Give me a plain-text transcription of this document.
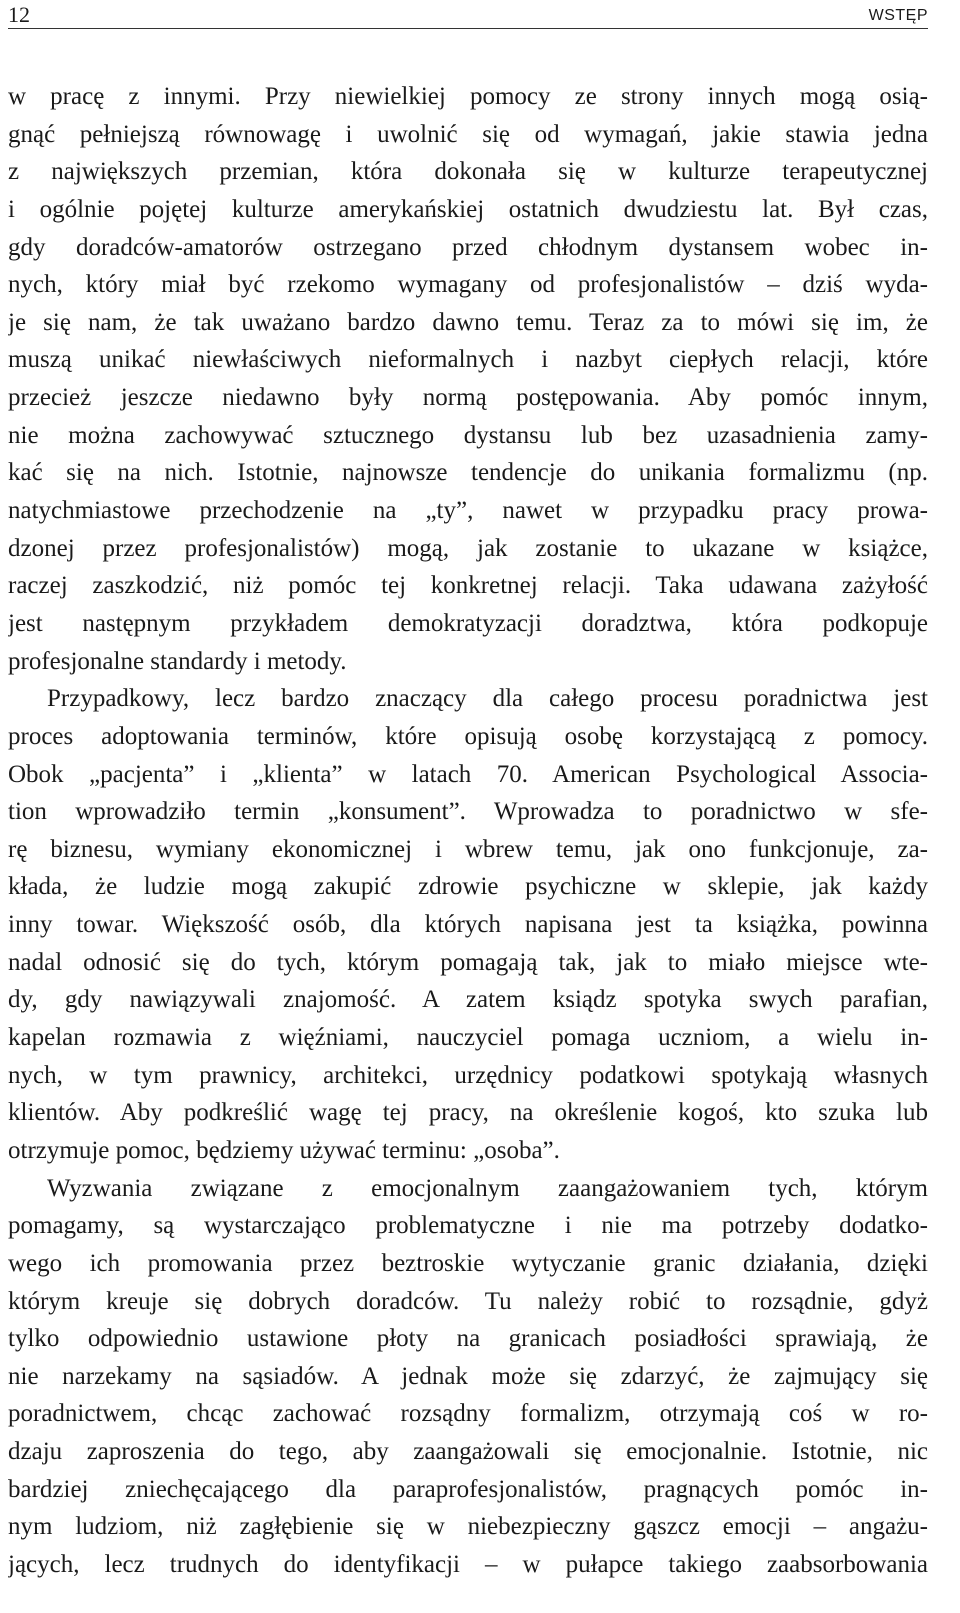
12	WSTĘP
w pracę z innymi. Przy niewielkiej pomocy ze strony innych mogą osią-
gnąć pełniejszą równowagę i uwolnić się od wymagań, jakie stawia jedna
z największych przemian, która dokonała się w kulturze terapeutycznej
i ogólnie pojętej kulturze amerykańskiej ostatnich dwudziestu lat. Był czas,
gdy doradców-amatorów ostrzegano przed chłodnym dystansem wobec in-
nych, który miał być rzekomo wymagany od profesjonalistów – dziś wyda-
je się nam, że tak uważano bardzo dawno temu. Teraz za to mówi się im, że
muszą unikać niewłaściwych nieformalnych i nazbyt ciepłych relacji, które
przecież jeszcze niedawno były normą postępowania. Aby pomóc innym,
nie można zachowywać sztucznego dystansu lub bez uzasadnienia zamy-
kać się na nich. Istotnie, najnowsze tendencje do unikania formalizmu (np.
natychmiastowe przechodzenie na „ty”, nawet w przypadku pracy prowa-
dzonej przez profesjonalistów) mogą, jak zostanie to ukazane w książce,
raczej zaszkodzić, niż pomóc tej konkretnej relacji. Taka udawana zażyłość
jest następnym przykładem demokratyzacji doradztwa, która podkopuje
profesjonalne standardy i metody.
Przypadkowy, lecz bardzo znaczący dla całego procesu poradnictwa jest
proces adoptowania terminów, które opisują osobę korzystającą z pomocy.
Obok „pacjenta” i „klienta” w latach 70. American Psychological Associa-
tion wprowadziło termin „konsument”. Wprowadza to poradnictwo w sfe-
rę biznesu, wymiany ekonomicznej i wbrew temu, jak ono funkcjonuje, za-
kłada, że ludzie mogą zakupić zdrowie psychiczne w sklepie, jak każdy
inny towar. Większość osób, dla których napisana jest ta książka, powinna
nadal odnosić się do tych, którym pomagają tak, jak to miało miejsce wte-
dy, gdy nawiązywali znajomość. A zatem ksiądz spotyka swych parafian,
kapelan rozmawia z więźniami, nauczyciel pomaga uczniom, a wielu in-
nych, w tym prawnicy, architekci, urzędnicy podatkowi spotykają własnych
klientów. Aby podkreślić wagę tej pracy, na określenie kogoś, kto szuka lub
otrzymuje pomoc, będziemy używać terminu: „osoba”.
Wyzwania związane z emocjonalnym zaangażowaniem tych, którym
pomagamy, są wystarczająco problematyczne i nie ma potrzeby dodatko-
wego ich promowania przez beztroskie wytyczanie granic działania, dzięki
którym kreuje się dobrych doradców. Tu należy robić to rozsądnie, gdyż
tylko odpowiednio ustawione płoty na granicach posiadłości sprawiają, że
nie narzekamy na sąsiadów. A jednak może się zdarzyć, że zajmujący się
poradnictwem, chcąc zachować rozsądny formalizm, otrzymają coś w ro-
dzaju zaproszenia do tego, aby zaangażowali się emocjonalnie. Istotnie, nic
bardziej zniechęcającego dla paraprofesjonalistów, pragnących pomóc in-
nym ludziom, niż zagłębienie się w niebezpieczny gąszcz emocji – angażu-
jących, lecz trudnych do identyfikacji – w pułapce takiego zaabsorbowania
